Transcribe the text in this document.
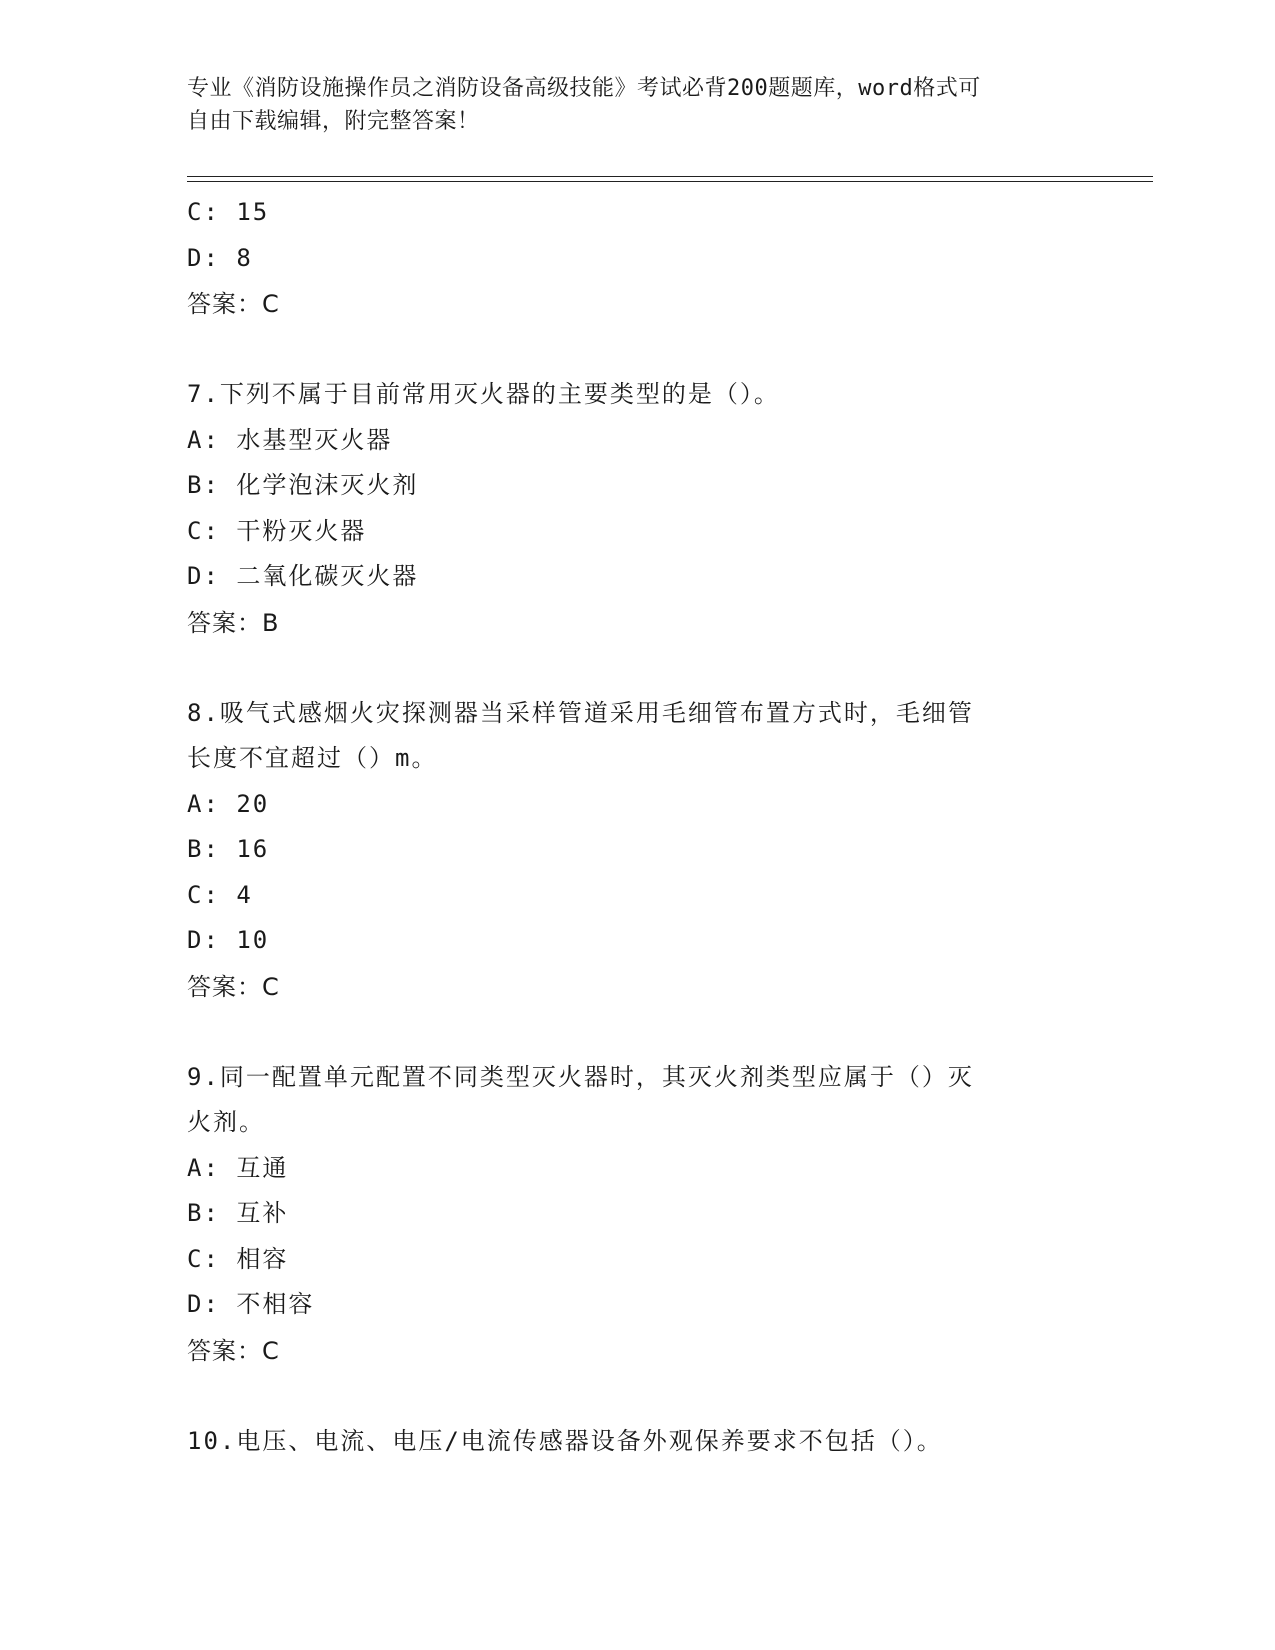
专业《消防设施操作员之消防设备高级技能》考试必背200题题库，word格式可
自由下载编辑，附完整答案！
C: 15
D: 8
答案：C
7.下列不属于目前常用灭火器的主要类型的是（）。
A: 水基型灭火器
B: 化学泡沫灭火剂
C: 干粉灭火器
D: 二氧化碳灭火器
答案：B
8.吸气式感烟火灾探测器当采样管道采用毛细管布置方式时，毛细管
长度不宜超过（）m。
A: 20
B: 16
C: 4
D: 10
答案：C
9.同一配置单元配置不同类型灭火器时，其灭火剂类型应属于（）灭
火剂。
A: 互通
B: 互补
C: 相容
D: 不相容
答案：C
10.电压、电流、电压/电流传感器设备外观保养要求不包括（）。
